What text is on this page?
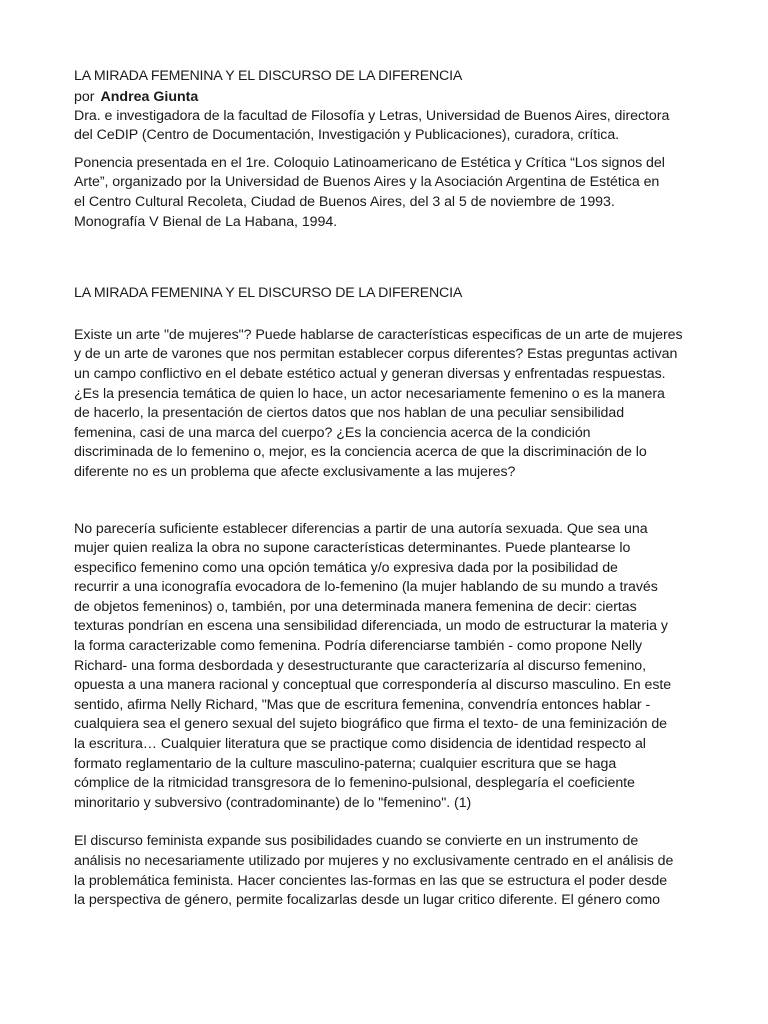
LA MIRADA FEMENINA Y EL DISCURSO DE LA DIFERENCIA
por Andrea Giunta
Dra. e investigadora de la facultad de Filosofía y Letras, Universidad de Buenos Aires, directora
del CeDIP (Centro de Documentación, Investigación y Publicaciones), curadora, crítica.
Ponencia presentada en el 1re. Coloquio Latinoamericano de Estética y Crítica “Los signos del
Arte”, organizado por la Universidad de Buenos Aires y la Asociación Argentina de Estética en
el Centro Cultural Recoleta, Ciudad de Buenos Aires, del 3 al 5 de noviembre de 1993.
Monografía V Bienal de La Habana, 1994.
LA MIRADA FEMENINA Y EL DISCURSO DE LA DIFERENCIA
Existe un arte "de mujeres"? Puede hablarse de características especificas de un arte de mujeres
y de un arte de varones que nos permitan establecer corpus diferentes? Estas preguntas activan
un campo conflictivo en el debate estético actual y generan diversas y enfrentadas respuestas.
¿Es la presencia temática de quien lo hace, un actor necesariamente femenino o es la manera
de hacerlo, la presentación de ciertos datos que nos hablan de una peculiar sensibilidad
femenina, casi de una marca del cuerpo? ¿Es la conciencia acerca de la condición
discriminada de lo femenino o, mejor, es la conciencia acerca de que la discriminación de lo
diferente no es un problema que afecte exclusivamente a las mujeres?
No parecería suficiente establecer diferencias a partir de una autoría sexuada. Que sea una
mujer quien realiza la obra no supone características determinantes. Puede plantearse lo
especifico femenino como una opción temática y/o expresiva dada por la posibilidad de
recurrir a una iconografía evocadora de lo-femenino (la mujer hablando de su mundo a través
de objetos femeninos) o, también, por una determinada manera femenina de decir: ciertas
texturas pondrían en escena una sensibilidad diferenciada, un modo de estructurar la materia y
la forma caracterizable como femenina. Podría diferenciarse también - como propone Nelly
Richard- una forma desbordada y desestructurante que caracterizaría al discurso femenino,
opuesta a una manera racional y conceptual que correspondería al discurso masculino. En este
sentido, afirma Nelly Richard, "Mas que de escritura femenina, convendría entonces hablar -
cualquiera sea el genero sexual del sujeto biográfico que firma el texto- de una feminización de
la escritura… Cualquier literatura que se practique como disidencia de identidad respecto al
formato reglamentario de la culture masculino-paterna; cualquier escritura que se haga
cómplice de la ritmicidad transgresora de lo femenino-pulsional, desplegaría el coeficiente
minoritario y subversivo (contradominante) de lo "femenino". (1)
El discurso feminista expande sus posibilidades cuando se convierte en un instrumento de
análisis no necesariamente utilizado por mujeres y no exclusivamente centrado en el análisis de
la problemática feminista. Hacer concientes las-formas en las que se estructura el poder desde
la perspectiva de género, permite focalizarlas desde un lugar critico diferente. El género como
